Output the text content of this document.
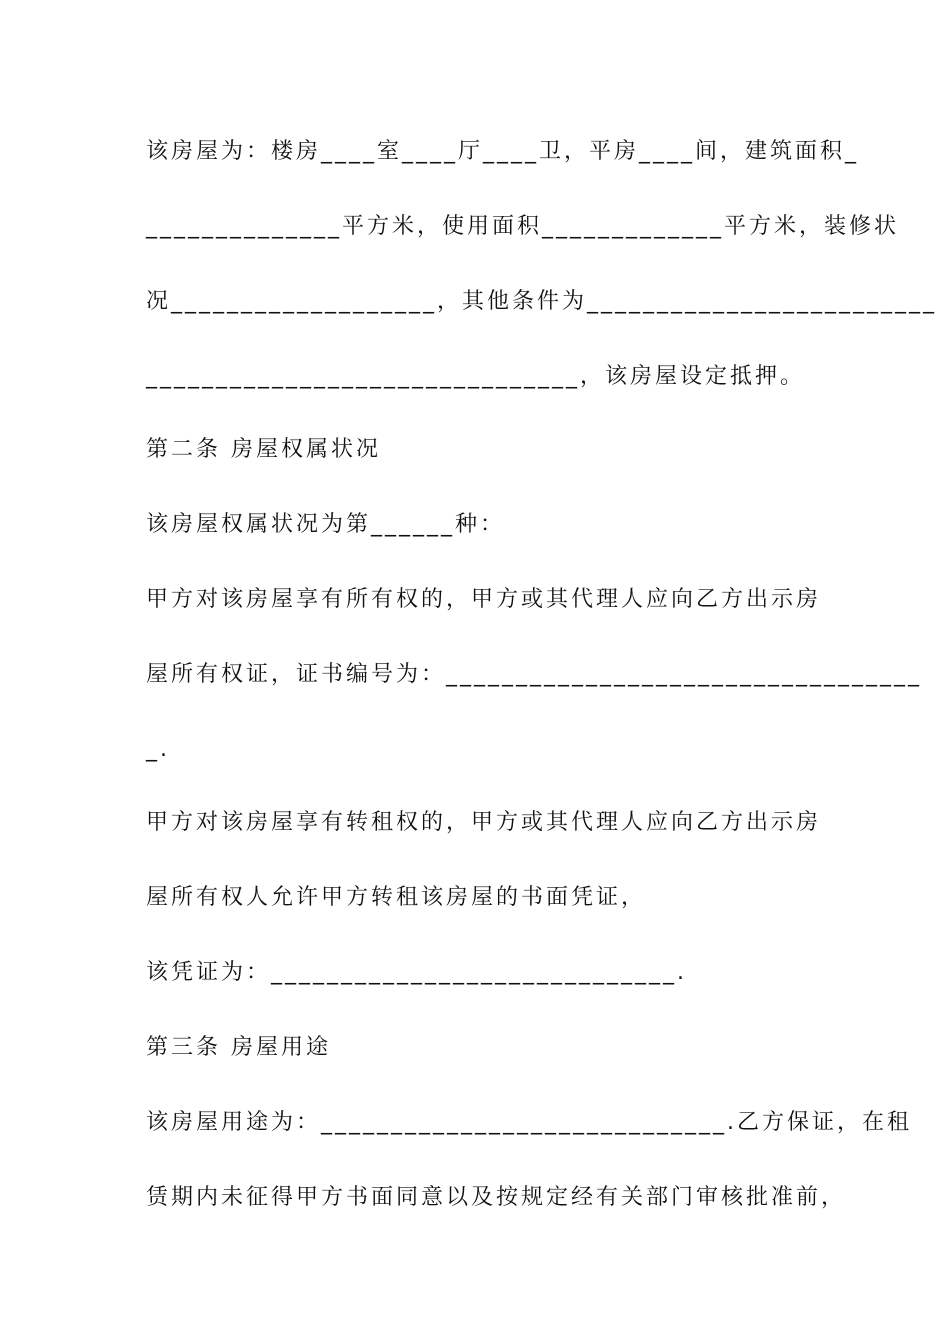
该房屋为：楼房____室____厅____卫，平房____间，建筑面积_

______________平方米，使用面积_____________平方米，装修状

况___________________，其他条件为_________________________

_______________________________，该房屋设定抵押。

第二条 房屋权属状况

该房屋权属状况为第______种：

甲方对该房屋享有所有权的，甲方或其代理人应向乙方出示房

屋所有权证，证书编号为：__________________________________

_.

甲方对该房屋享有转租权的，甲方或其代理人应向乙方出示房

屋所有权人允许甲方转租该房屋的书面凭证，

该凭证为：_____________________________.

第三条 房屋用途

该房屋用途为：_____________________________.乙方保证，在租

赁期内未征得甲方书面同意以及按规定经有关部门审核批准前，
